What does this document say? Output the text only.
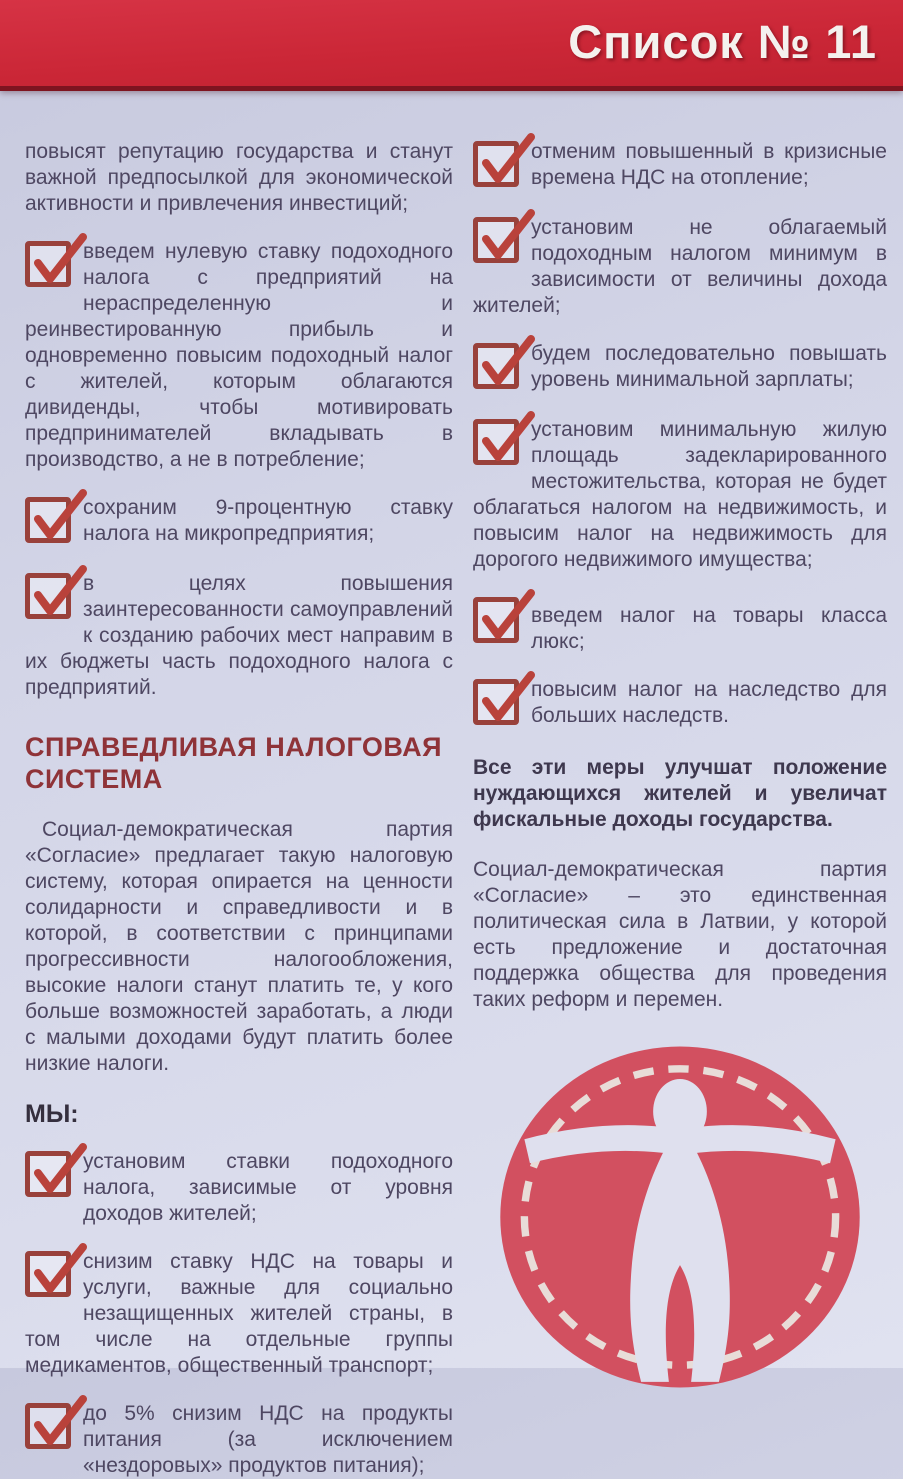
Список № 11

повысят репутацию государства и станут важной предпосылкой для экономической активности и привлечения инвестиций;

введем нулевую ставку подоходного налога с предприятий на нераспределенную и реинвестированную прибыль и одновременно повысим подоходный налог с жителей, которым облагаются дивиденды, чтобы мотивировать предпринимателей вкладывать в производство, а не в потребление;
сохраним 9-процентную ставку налога на микропредприятия;
в целях повышения заинтересованности самоуправлений к созданию рабочих мест направим в их бюджеты часть подоходного налога с предприятий.
СПРАВЕДЛИВАЯ НАЛОГОВАЯ СИСТЕМА

Социал-демократическая партия «Согласие» предлагает такую налоговую систему, которая опирается на ценности солидарности и справедливости и в которой, в соответствии с принципами прогрессивности налогообложения, высокие налоги станут платить те, у кого больше возможностей заработать, а люди с малыми доходами будут платить более низкие налоги.

МЫ:
установим ставки подоходного налога, зависимые от уровня доходов жителей;
снизим ставку НДС на товары и услуги, важные для социально незащищенных жителей страны, в том числе на отдельные группы медикаментов, общественный транспорт;
до 5% снизим НДС на продукты питания (за исключением «нездоровых» продуктов питания);
отменим повышенный в кризисные времена НДС на отопление;
установим не облагаемый подоходным налогом минимум в зависимости от величины дохода жителей;
будем последовательно повышать уровень минимальной зарплаты;
установим минимальную жилую площадь задекларированного местожительства, которая не будет облагаться налогом на недвижимость, и повысим налог на недвижимость для дорогого недвижимого имущества;
введем налог на товары класса люкс;
повысим налог на наследство для больших наследств.

Все эти меры улучшат положение нуждающихся жителей и увеличат фискальные доходы государства.

Социал-демократическая партия «Согласие» – это единственная политическая сила в Латвии, у которой есть предложение и достаточная поддержка общества для проведения таких реформ и перемен.
